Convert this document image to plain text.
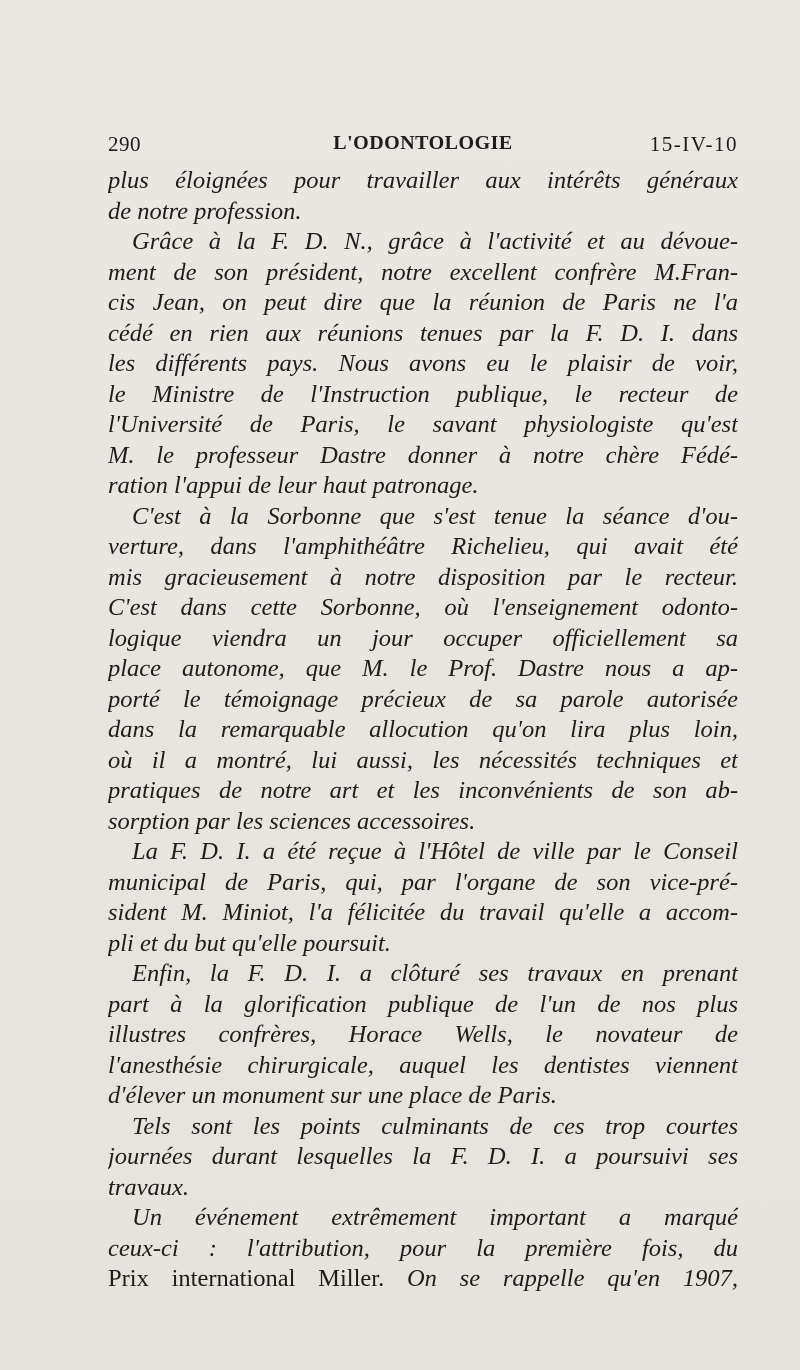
290	L'ODONTOLOGIE	15-IV-10
plus éloignées pour travailler aux intérêts généraux
de notre profession.
Grâce à la F. D. N., grâce à l'activité et au dévoue-
ment de son président, notre excellent confrère M.Fran-
cis Jean, on peut dire que la réunion de Paris ne l'a
cédé en rien aux réunions tenues par la F. D. I. dans
les différents pays. Nous avons eu le plaisir de voir,
le Ministre de l'Instruction publique, le recteur de
l'Université de Paris, le savant physiologiste qu'est
M. le professeur Dastre donner à notre chère Fédé-
ration l'appui de leur haut patronage.
C'est à la Sorbonne que s'est tenue la séance d'ou-
verture, dans l'amphithéâtre Richelieu, qui avait été
mis gracieusement à notre disposition par le recteur.
C'est dans cette Sorbonne, où l'enseignement odonto-
logique viendra un jour occuper officiellement sa
place autonome, que M. le Prof. Dastre nous a ap-
porté le témoignage précieux de sa parole autorisée
dans la remarquable allocution qu'on lira plus loin,
où il a montré, lui aussi, les nécessités techniques et
pratiques de notre art et les inconvénients de son ab-
sorption par les sciences accessoires.
La F. D. I. a été reçue à l'Hôtel de ville par le Conseil
municipal de Paris, qui, par l'organe de son vice-pré-
sident M. Miniot, l'a félicitée du travail qu'elle a accom-
pli et du but qu'elle poursuit.
Enfin, la F. D. I. a clôturé ses travaux en prenant
part à la glorification publique de l'un de nos plus
illustres confrères, Horace Wells, le novateur de
l'anesthésie chirurgicale, auquel les dentistes viennent
d'élever un monument sur une place de Paris.
Tels sont les points culminants de ces trop courtes
journées durant lesquelles la F. D. I. a poursuivi ses
travaux.
Un événement extrêmement important a marqué
ceux-ci : l'attribution, pour la première fois, du
Prix international Miller. On se rappelle qu'en 1907,
